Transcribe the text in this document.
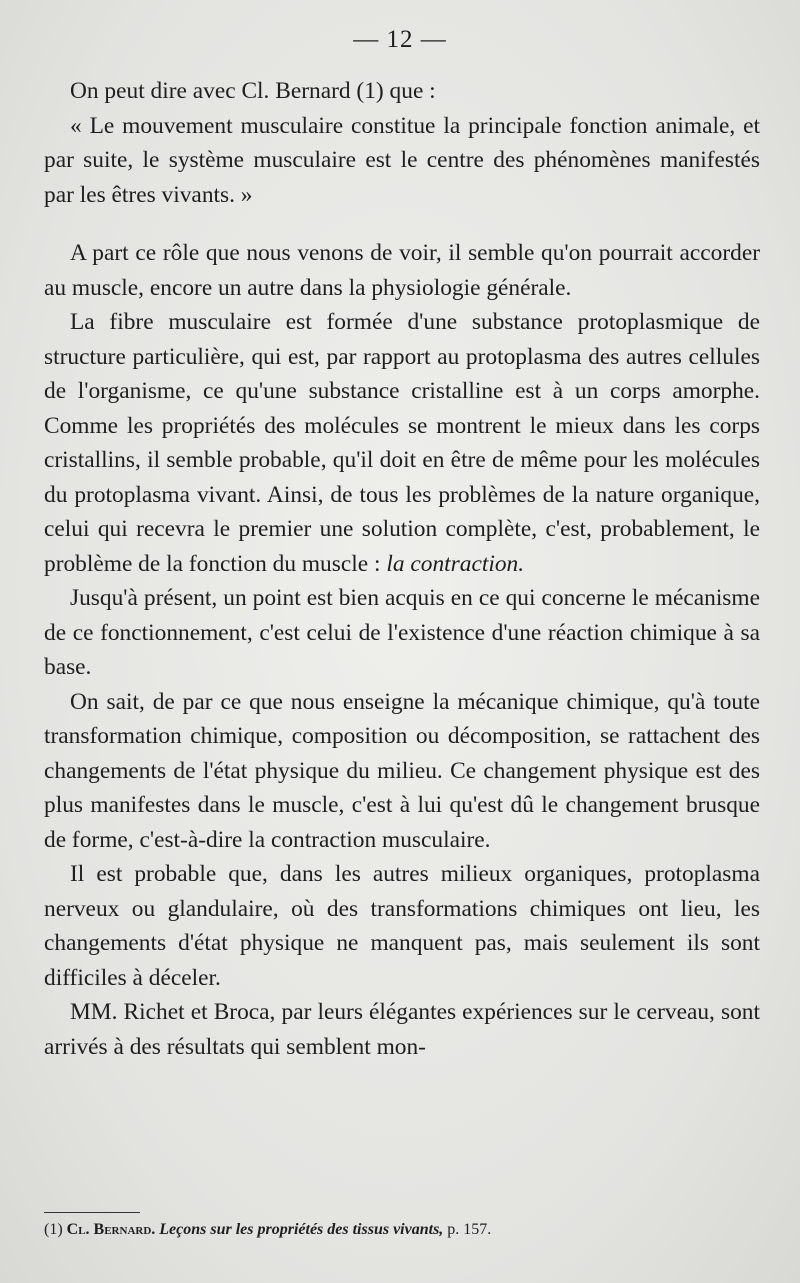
— 12 —

On peut dire avec Cl. Bernard (1) que :

« Le mouvement musculaire constitue la principale fonction animale, et par suite, le système musculaire est le centre des phénomènes manifestés par les êtres vivants. »

A part ce rôle que nous venons de voir, il semble qu'on pourrait accorder au muscle, encore un autre dans la physiologie générale.

La fibre musculaire est formée d'une substance protoplasmique de structure particulière, qui est, par rapport au protoplasma des autres cellules de l'organisme, ce qu'une substance cristalline est à un corps amorphe. Comme les propriétés des molécules se montrent le mieux dans les corps cristallins, il semble probable, qu'il doit en être de même pour les molécules du protoplasma vivant. Ainsi, de tous les problèmes de la nature organique, celui qui recevra le premier une solution complète, c'est, probablement, le problème de la fonction du muscle : la contraction.

Jusqu'à présent, un point est bien acquis en ce qui concerne le mécanisme de ce fonctionnement, c'est celui de l'existence d'une réaction chimique à sa base.

On sait, de par ce que nous enseigne la mécanique chimique, qu'à toute transformation chimique, composition ou décomposition, se rattachent des changements de l'état physique du milieu. Ce changement physique est des plus manifestes dans le muscle, c'est à lui qu'est dû le changement brusque de forme, c'est-à-dire la contraction musculaire.

Il est probable que, dans les autres milieux organiques, protoplasma nerveux ou glandulaire, où des transformations chimiques ont lieu, les changements d'état physique ne manquent pas, mais seulement ils sont difficiles à déceler.

MM. Richet et Broca, par leurs élégantes expériences sur le cerveau, sont arrivés à des résultats qui semblent mon-

(1) Cl. Bernard. Leçons sur les propriétés des tissus vivants, p. 157.
